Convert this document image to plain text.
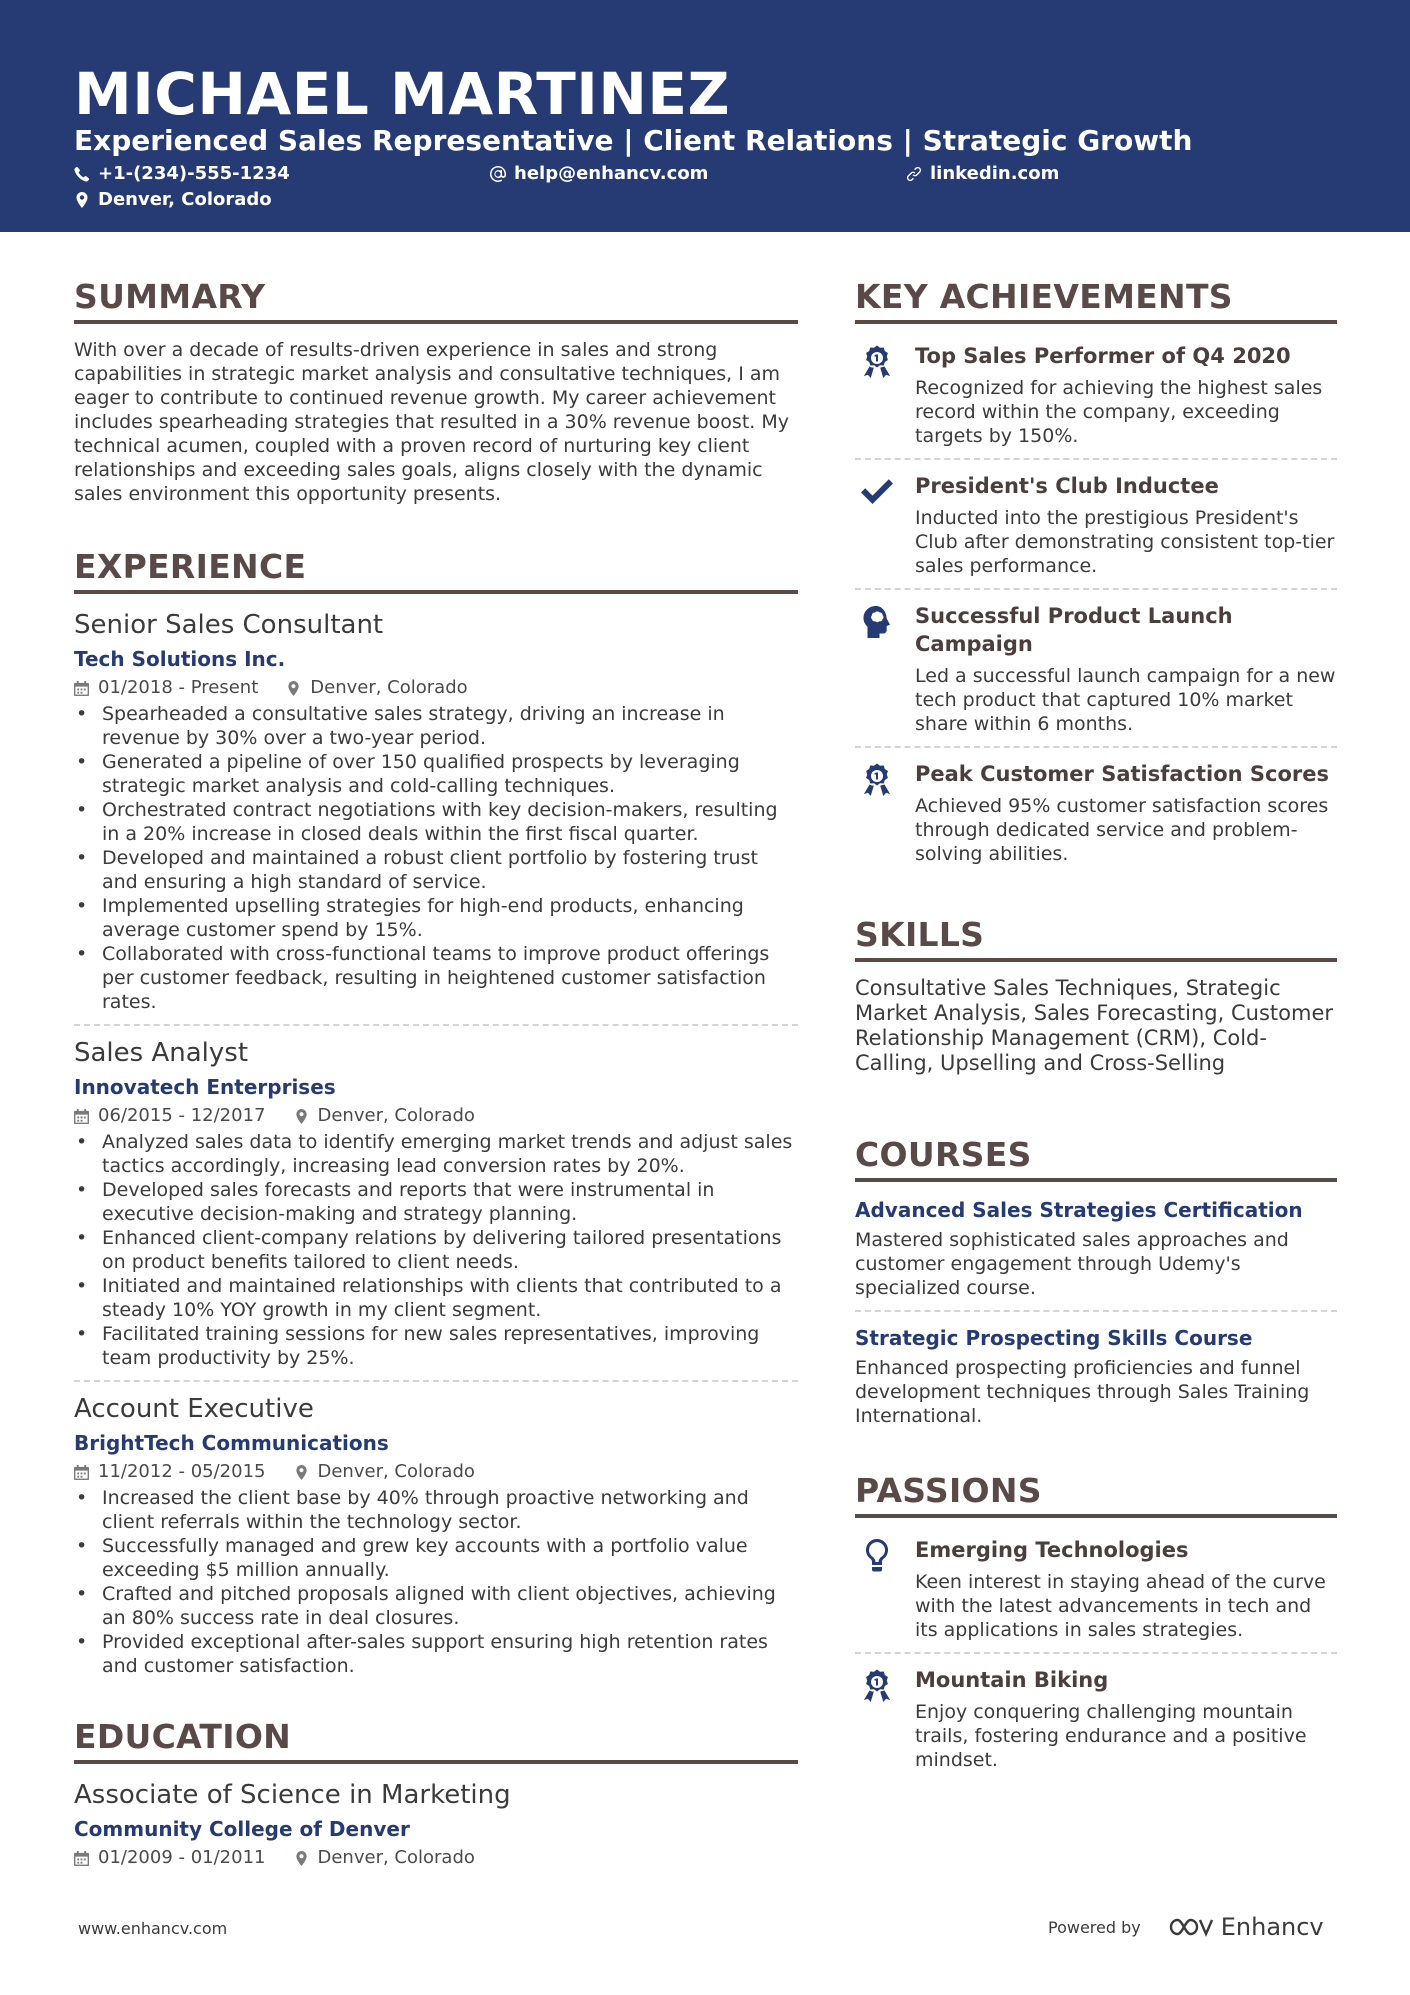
MICHAEL MARTINEZ
Experienced Sales Representative | Client Relations | Strategic Growth
+1-(234)-555-1234	help@enhancv.com	linkedin.com
Denver, Colorado
SUMMARY
With over a decade of results-driven experience in sales and strong capabilities in strategic market analysis and consultative techniques, I am eager to contribute to continued revenue growth. My career achievement includes spearheading strategies that resulted in a 30% revenue boost. My technical acumen, coupled with a proven record of nurturing key client relationships and exceeding sales goals, aligns closely with the dynamic sales environment this opportunity presents.
EXPERIENCE
Senior Sales Consultant
Tech Solutions Inc.
01/2018 - Present	Denver, Colorado
• Spearheaded a consultative sales strategy, driving an increase in revenue by 30% over a two-year period.
• Generated a pipeline of over 150 qualified prospects by leveraging strategic market analysis and cold-calling techniques.
• Orchestrated contract negotiations with key decision-makers, resulting in a 20% increase in closed deals within the first fiscal quarter.
• Developed and maintained a robust client portfolio by fostering trust and ensuring a high standard of service.
• Implemented upselling strategies for high-end products, enhancing average customer spend by 15%.
• Collaborated with cross-functional teams to improve product offerings per customer feedback, resulting in heightened customer satisfaction rates.
Sales Analyst
Innovatech Enterprises
06/2015 - 12/2017	Denver, Colorado
• Analyzed sales data to identify emerging market trends and adjust sales tactics accordingly, increasing lead conversion rates by 20%.
• Developed sales forecasts and reports that were instrumental in executive decision-making and strategy planning.
• Enhanced client-company relations by delivering tailored presentations on product benefits tailored to client needs.
• Initiated and maintained relationships with clients that contributed to a steady 10% YOY growth in my client segment.
• Facilitated training sessions for new sales representatives, improving team productivity by 25%.
Account Executive
BrightTech Communications
11/2012 - 05/2015	Denver, Colorado
• Increased the client base by 40% through proactive networking and client referrals within the technology sector.
• Successfully managed and grew key accounts with a portfolio value exceeding $5 million annually.
• Crafted and pitched proposals aligned with client objectives, achieving an 80% success rate in deal closures.
• Provided exceptional after-sales support ensuring high retention rates and customer satisfaction.
EDUCATION
Associate of Science in Marketing
Community College of Denver
01/2009 - 01/2011	Denver, Colorado
KEY ACHIEVEMENTS
Top Sales Performer of Q4 2020
Recognized for achieving the highest sales record within the company, exceeding targets by 150%.
President's Club Inductee
Inducted into the prestigious President's Club after demonstrating consistent top-tier sales performance.
Successful Product Launch Campaign
Led a successful launch campaign for a new tech product that captured 10% market share within 6 months.
Peak Customer Satisfaction Scores
Achieved 95% customer satisfaction scores through dedicated service and problem-solving abilities.
SKILLS
Consultative Sales Techniques, Strategic Market Analysis, Sales Forecasting, Customer Relationship Management (CRM), Cold-Calling, Upselling and Cross-Selling
COURSES
Advanced Sales Strategies Certification
Mastered sophisticated sales approaches and customer engagement through Udemy's specialized course.
Strategic Prospecting Skills Course
Enhanced prospecting proficiencies and funnel development techniques through Sales Training International.
PASSIONS
Emerging Technologies
Keen interest in staying ahead of the curve with the latest advancements in tech and its applications in sales strategies.
Mountain Biking
Enjoy conquering challenging mountain trails, fostering endurance and a positive mindset.
www.enhancv.com	Powered by	Enhancv
